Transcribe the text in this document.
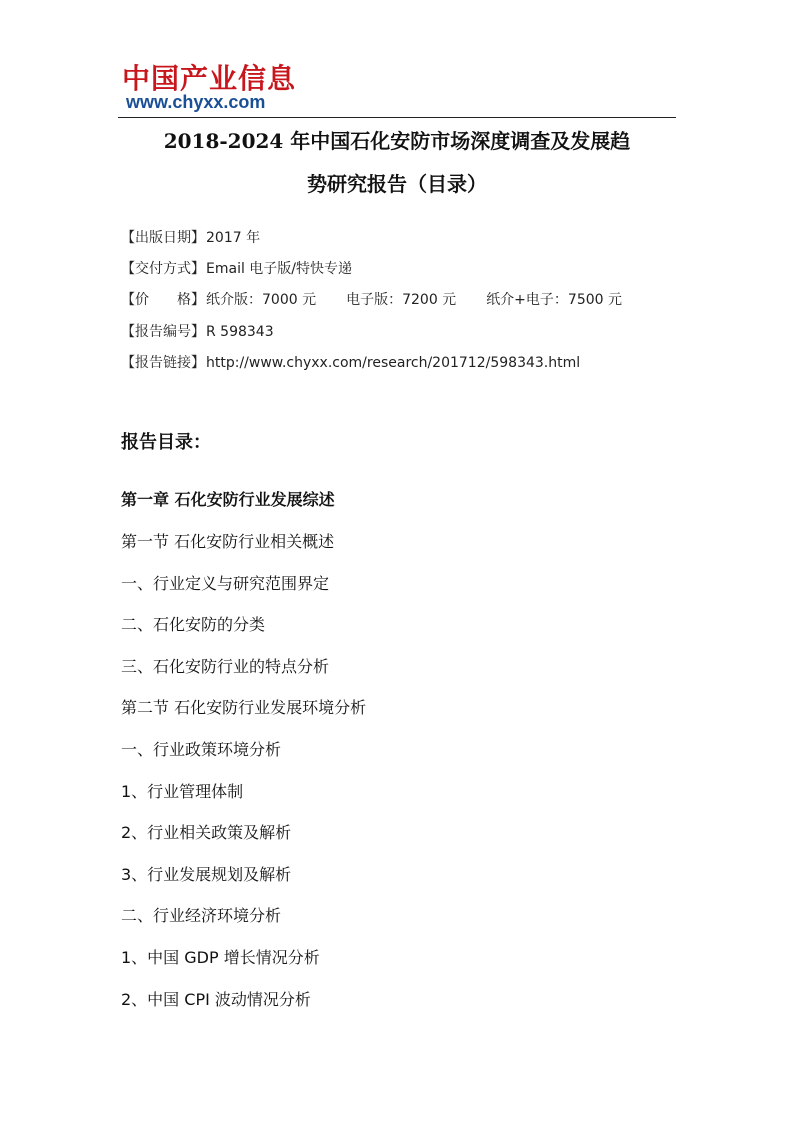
中国产业信息
www.chyxx.com
2018-2024 年中国石化安防市场深度调查及发展趋
势研究报告（目录）
【出版日期】2017 年
【交付方式】Email 电子版/特快专递
【价　　格】纸介版：7000 元 电子版：7200 元 纸介+电子：7500 元
【报告编号】R 598343
【报告链接】http://www.chyxx.com/research/201712/598343.html
报告目录：
第一章 石化安防行业发展综述
第一节 石化安防行业相关概述
一、行业定义与研究范围界定
二、石化安防的分类
三、石化安防行业的特点分析
第二节 石化安防行业发展环境分析
一、行业政策环境分析
1、行业管理体制
2、行业相关政策及解析
3、行业发展规划及解析
二、行业经济环境分析
1、中国 GDP 增长情况分析
2、中国 CPI 波动情况分析
